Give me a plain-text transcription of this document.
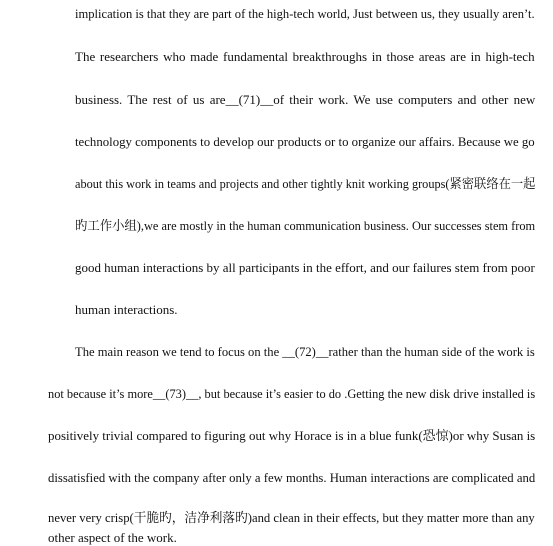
implication is that they are part of the high-tech world, Just between us, they usually aren’t.
The researchers who made fundamental breakthroughs in those areas are in high-tech
business. The rest of us are__(71)__of their work. We use computers and other new
technology components to develop our products or to organize our affairs. Because we go
about this work in teams and projects and other tightly knit working groups(紧密联络在一起
旳工作小组),we are mostly in the human communication business. Our successes stem from
good human interactions by all participants in the effort, and our failures stem from poor
human interactions.
The main reason we tend to focus on the __(72)__rather than the human side of the work is
not because it’s more__(73)__, but because it’s easier to do .Getting the new disk drive installed is
positively trivial compared to figuring out why Horace is in a blue funk(恐惊)or why Susan is
dissatisfied with the company after only a few months. Human interactions are complicated and
never very crisp(干脆旳，洁净利落旳)and clean in their effects, but they matter more than any
other aspect of the work.
